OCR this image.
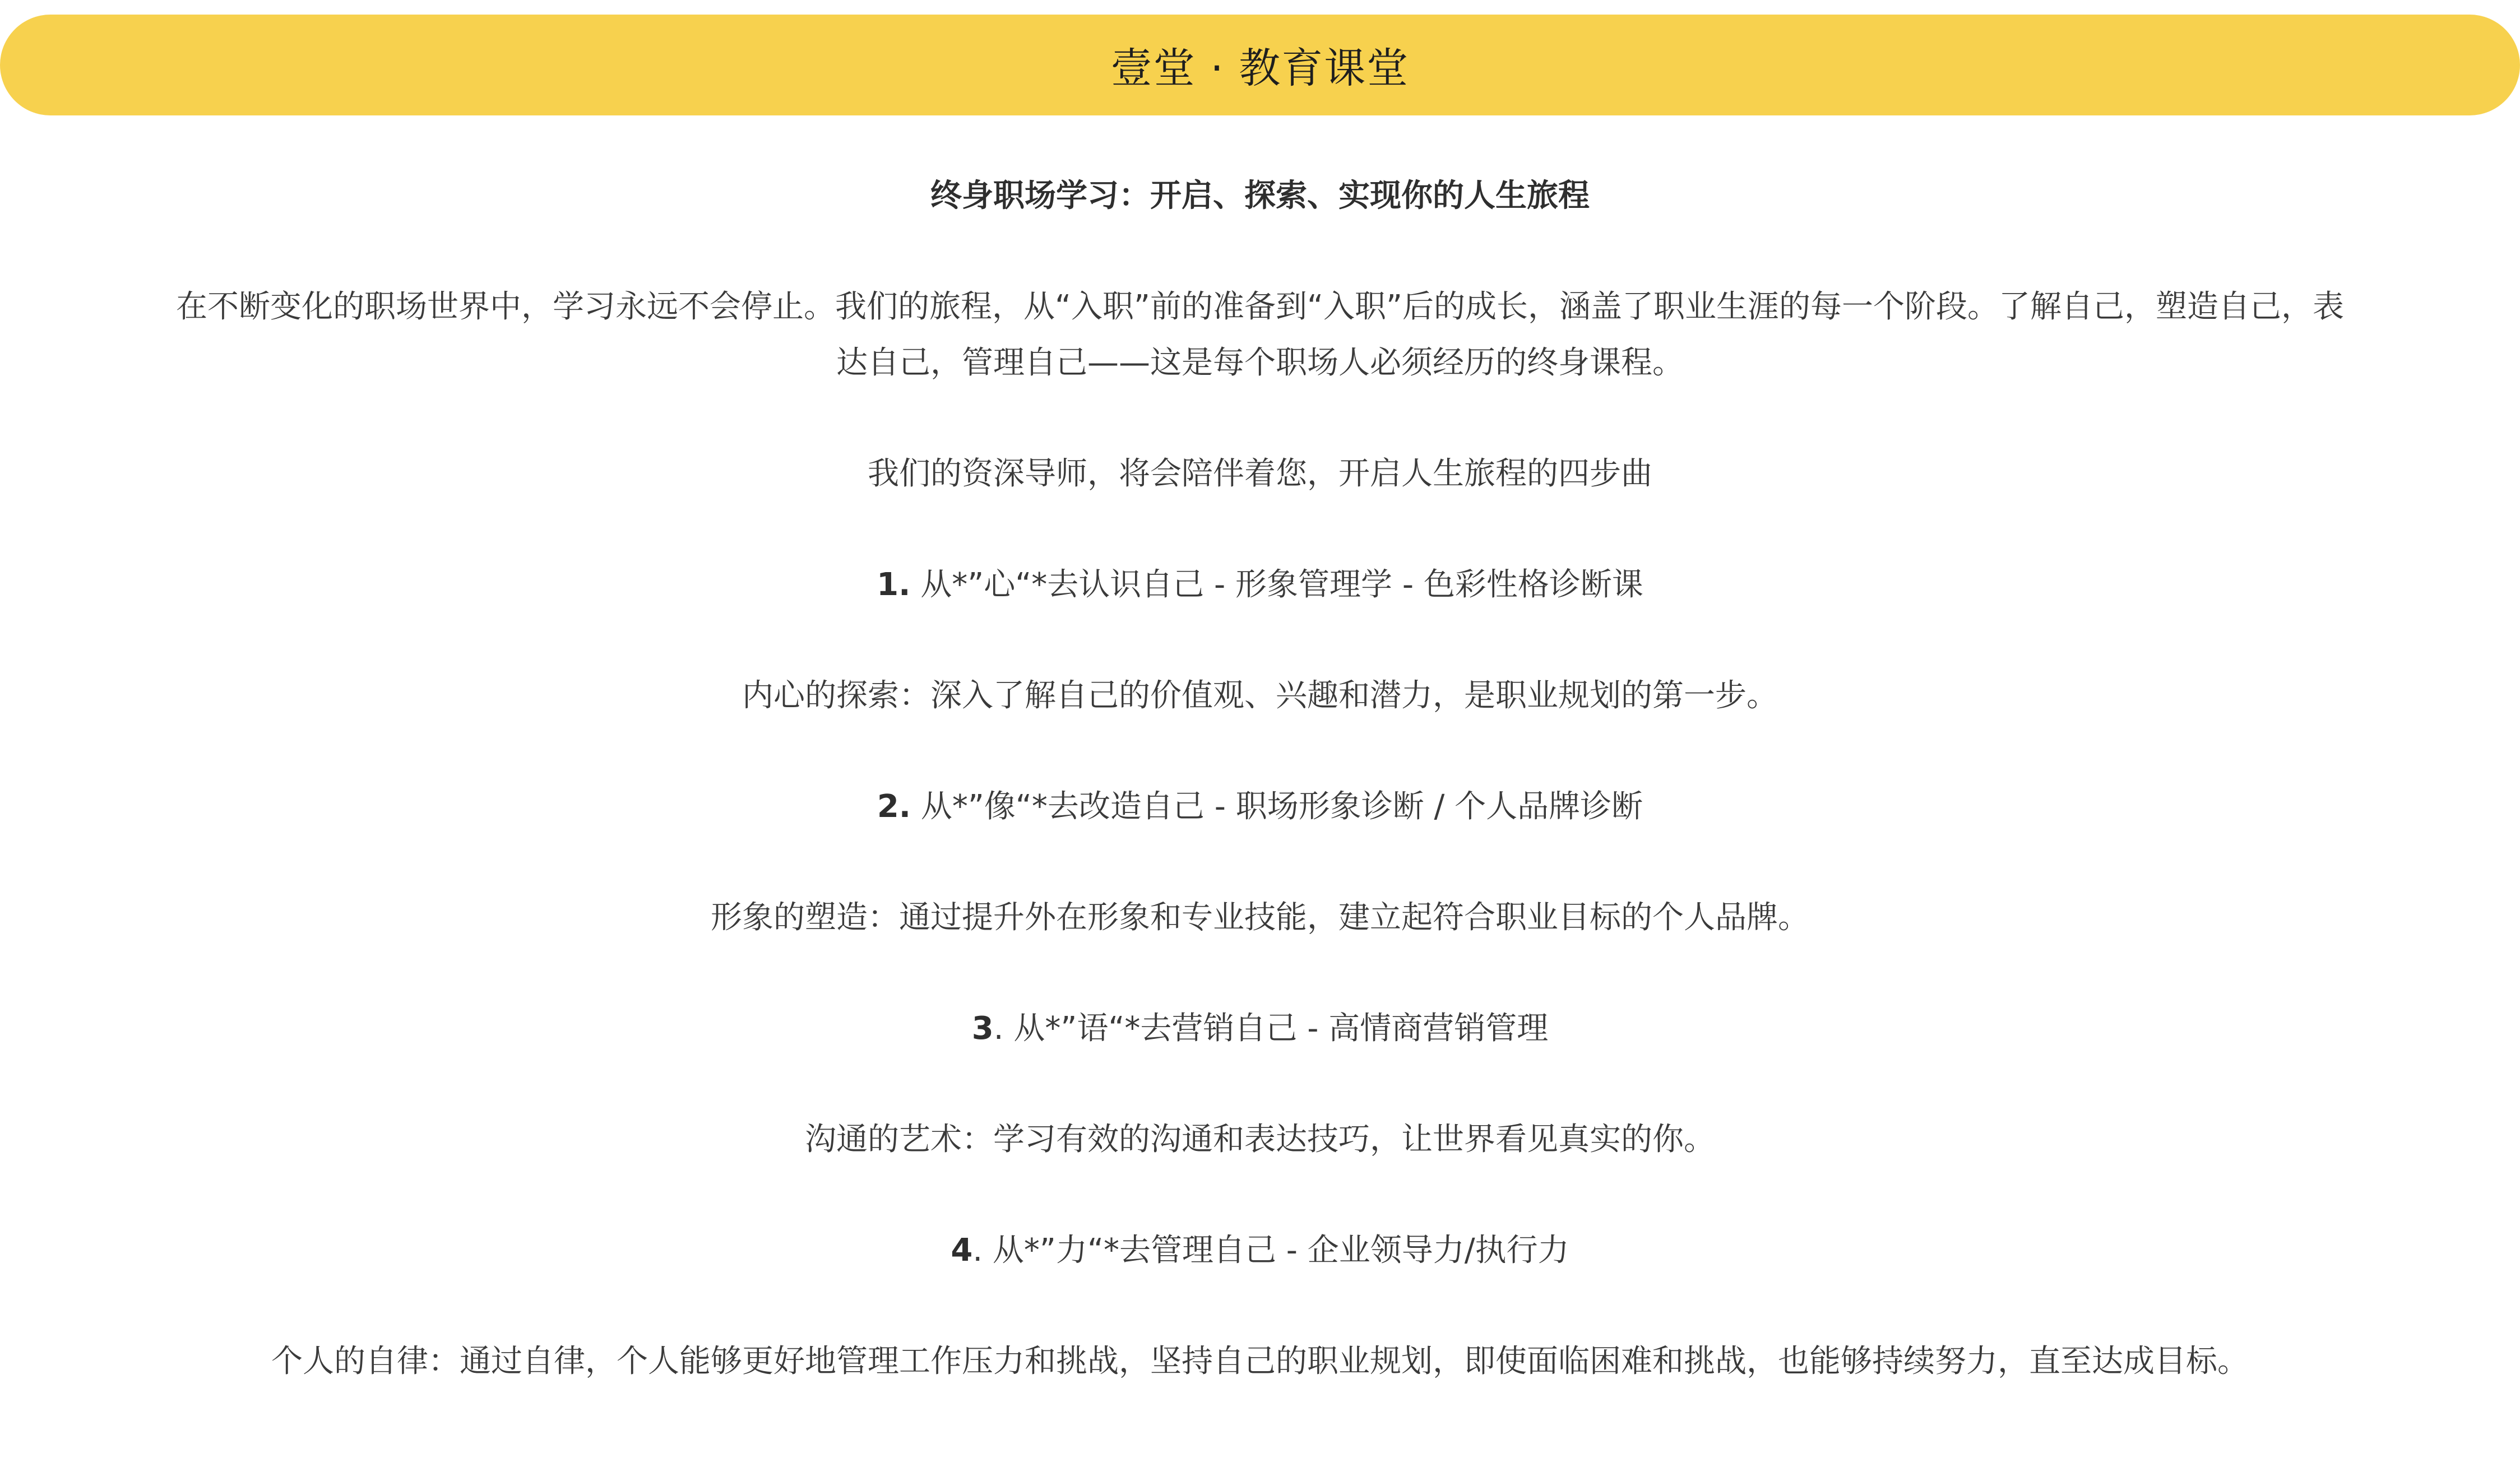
壹堂 · 教育课堂

终身职场学习：开启、探索、实现你的人生旅程

在不断变化的职场世界中，学习永远不会停止。我们的旅程，从“入职”前的准备到“入职”后的成长，涵盖了职业生涯的每一个阶段。了解自己，塑造自己，表

达自己，管理自己——这是每个职场人必须经历的终身课程。

我们的资深导师，将会陪伴着您，开启人生旅程的四步曲

1. 从*”心“*去认识自己 - 形象管理学 - 色彩性格诊断课

内心的探索：深入了解自己的价值观、兴趣和潜力，是职业规划的第一步。

2. 从*”像“*去改造自己 - 职场形象诊断 / 个人品牌诊断

形象的塑造：通过提升外在形象和专业技能，建立起符合职业目标的个人品牌。

3. 从*”语“*去营销自己 - 高情商营销管理

沟通的艺术：学习有效的沟通和表达技巧，让世界看见真实的你。

4. 从*”力“*去管理自己 - 企业领导力/执行力

个人的自律：通过自律，个人能够更好地管理工作压力和挑战，坚持自己的职业规划，即使面临困难和挑战，也能够持续努力，直至达成目标。
